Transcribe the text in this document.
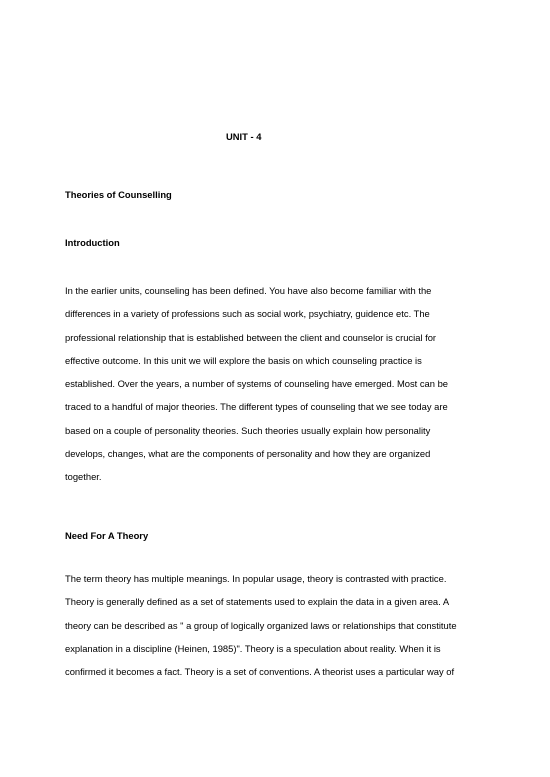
UNIT - 4
Theories of Counselling
Introduction
In the earlier units, counseling has been defined. You have also become familiar with the
differences in a variety of professions such as social work, psychiatry, guidence etc. The
professional relationship that is established between the client and counselor is crucial for
effective outcome. In this unit we will explore the basis on which counseling practice is
established. Over the years, a number of systems of counseling have emerged. Most can be
traced to a handful of major theories. The different types of counseling that we see today are
based on a couple of personality theories. Such theories usually explain how personality
develops, changes, what are the components of personality and how they are organized
together.
Need For A Theory
The term theory has multiple meanings. In popular usage, theory is contrasted with practice.
Theory is generally defined as a set of statements used to explain the data in a given area. A
theory can be described as " a group of logically organized laws or relationships that constitute
explanation in a discipline (Heinen, 1985)". Theory is a speculation about reality. When it is
confirmed it becomes a fact. Theory is a set of conventions. A theorist uses a particular way of
